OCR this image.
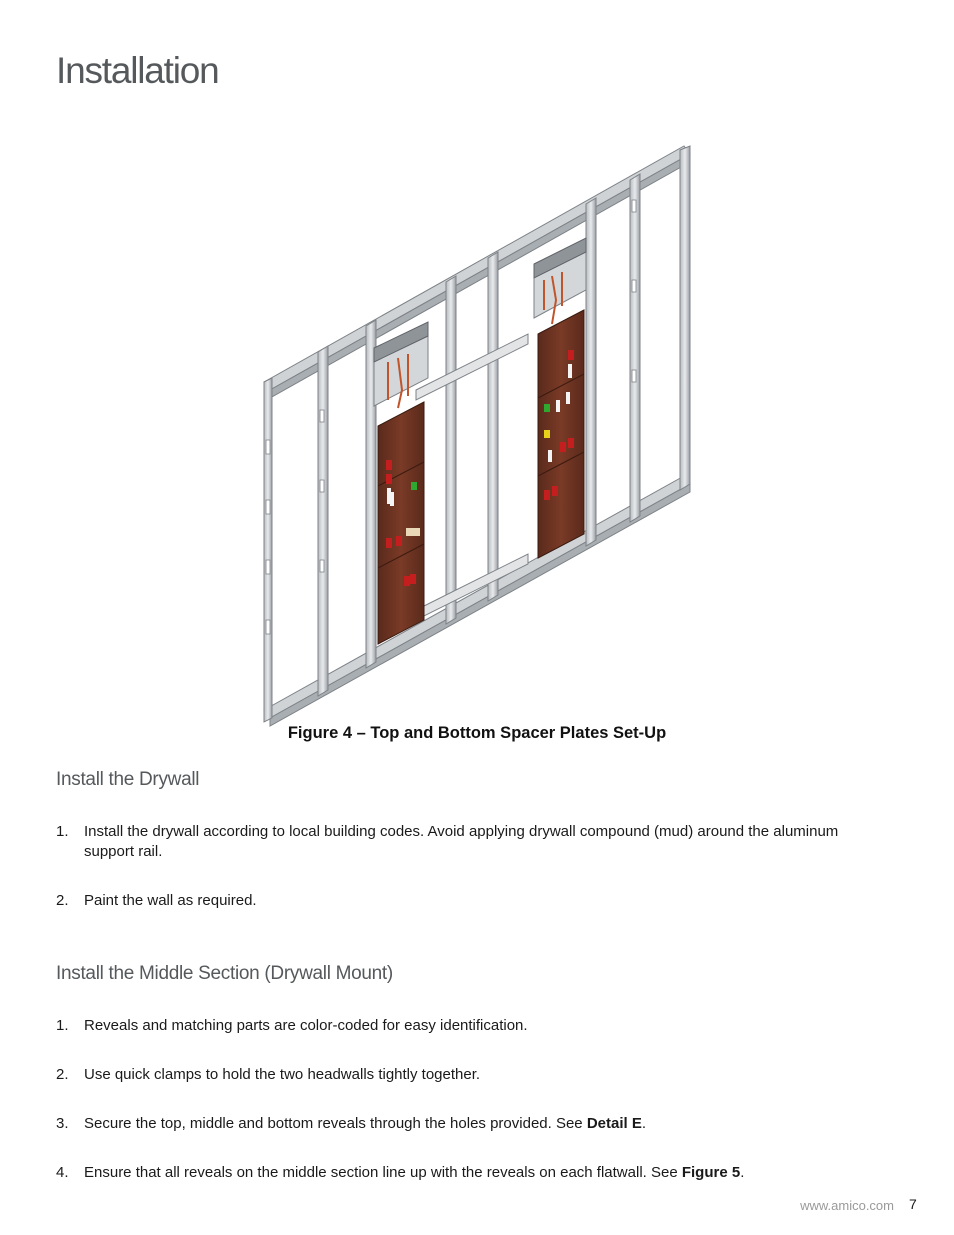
Installation
Figure 4 – Top and Bottom Spacer Plates Set-Up
Install the Drywall
1. Install the drywall according to local building codes. Avoid applying drywall compound (mud) around the aluminum support rail.
2. Paint the wall as required.
Install the Middle Section (Drywall Mount)
1. Reveals and matching parts are color-coded for easy identification.
2. Use quick clamps to hold the two headwalls tightly together.
3. Secure the top, middle and bottom reveals through the holes provided. See Detail E.
4. Ensure that all reveals on the middle section line up with the reveals on each flatwall. See Figure 5.
www.amico.com 7
